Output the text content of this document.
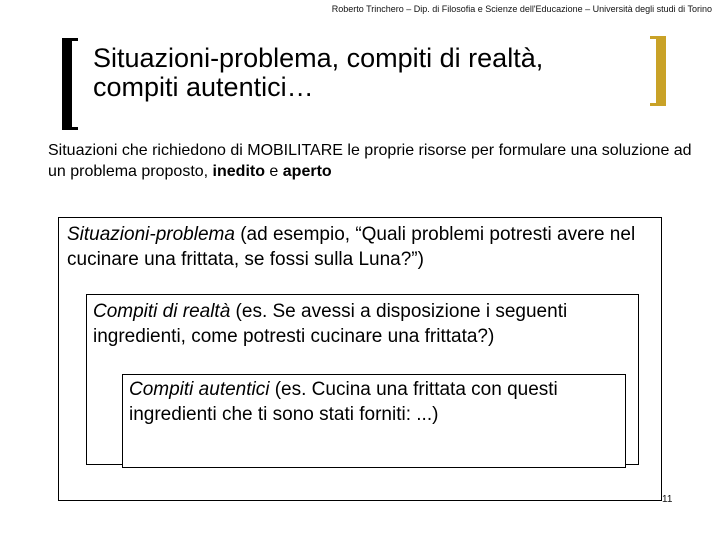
Roberto Trinchero – Dip. di Filosofia e Scienze dell'Educazione – Università degli studi di Torino
Situazioni-problema, compiti di realtà,
compiti autentici…

Situazioni che richiedono di MOBILITARE le proprie risorse per formulare una soluzione ad un problema proposto, inedito e aperto

Situazioni-problema (ad esempio, “Quali problemi potresti avere nel cucinare una frittata, se fossi sulla Luna?”)

Compiti di realtà (es. Se avessi a disposizione i seguenti ingredienti, come potresti cucinare una frittata?)

Compiti autentici (es. Cucina una frittata con questi ingredienti che ti sono stati forniti: ...)

11
